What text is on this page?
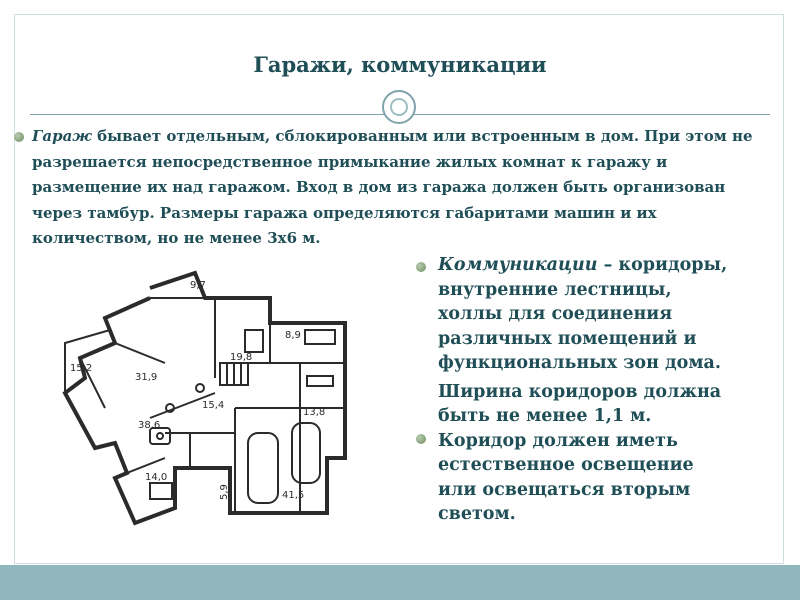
Гаражи, коммуникации
Гараж бывает отдельным, сблокированным или встроенным в дом. При этом не разрешается непосредственное примыкание жилых комнат к гаражу и размещение их над гаражом. Вход в дом из гаража должен быть организован через тамбур. Размеры гаража определяются габаритами машин и их количеством, но не менее 3х6 м.

Коммуникации – коридоры, внутренние лестницы, холлы для соединения различных помещений и функциональных зон дома.

Ширина коридоров должна быть не менее 1,1 м. Коридор должен иметь естественное освещение или освещаться вторым светом.

9,7
8,9
15,2
31,9
19,8
15,4
13,8
38,6
14,0
5,9	41,5
